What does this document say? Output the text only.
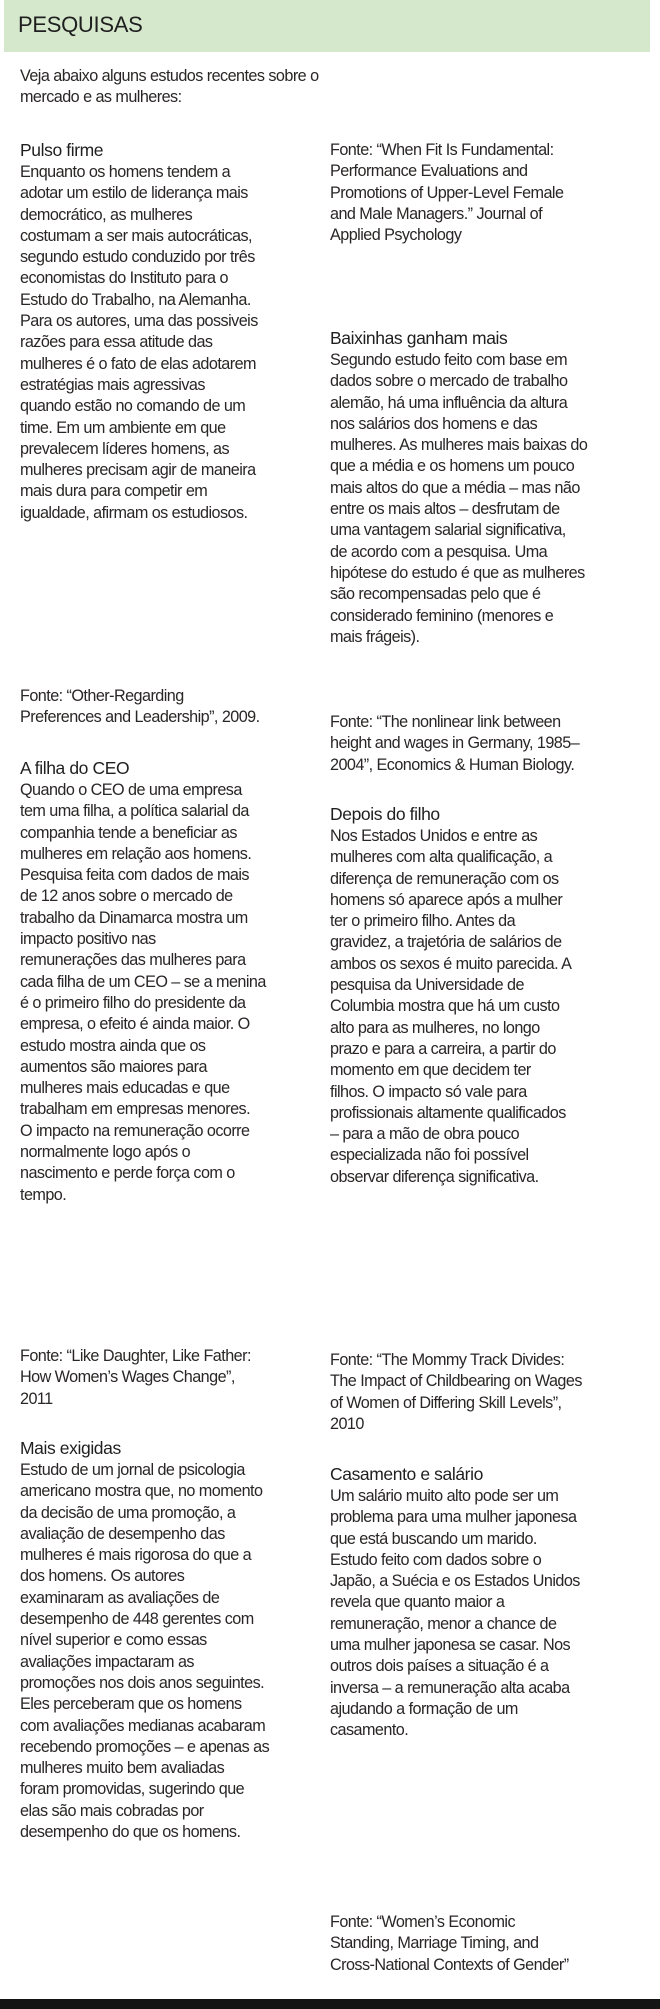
PESQUISAS
Veja abaixo alguns estudos recentes sobre o
mercado e as mulheres:
Pulso firme
Enquanto os homens tendem a
adotar um estilo de liderança mais
democrático, as mulheres
costumam a ser mais autocráticas,
segundo estudo conduzido por três
economistas do Instituto para o
Estudo do Trabalho, na Alemanha.
Para os autores, uma das possiveis
razões para essa atitude das
mulheres é o fato de elas adotarem
estratégias mais agressivas
quando estão no comando de um
time. Em um ambiente em que
prevalecem líderes homens, as
mulheres precisam agir de maneira
mais dura para competir em
igualdade, afirmam os estudiosos.
Fonte: “Other-Regarding
Preferences and Leadership”, 2009.
A filha do CEO
Quando o CEO de uma empresa
tem uma filha, a política salarial da
companhia tende a beneficiar as
mulheres em relação aos homens.
Pesquisa feita com dados de mais
de 12 anos sobre o mercado de
trabalho da Dinamarca mostra um
impacto positivo nas
remunerações das mulheres para
cada filha de um CEO – se a menina
é o primeiro filho do presidente da
empresa, o efeito é ainda maior. O
estudo mostra ainda que os
aumentos são maiores para
mulheres mais educadas e que
trabalham em empresas menores.
O impacto na remuneração ocorre
normalmente logo após o
nascimento e perde força com o
tempo.
Fonte: “Like Daughter, Like Father:
How Women’s Wages Change”,
2011
Mais exigidas
Estudo de um jornal de psicologia
americano mostra que, no momento
da decisão de uma promoção, a
avaliação de desempenho das
mulheres é mais rigorosa do que a
dos homens. Os autores
examinaram as avaliações de
desempenho de 448 gerentes com
nível superior e como essas
avaliações impactaram as
promoções nos dois anos seguintes.
Eles perceberam que os homens
com avaliações medianas acabaram
recebendo promoções – e apenas as
mulheres muito bem avaliadas
foram promovidas, sugerindo que
elas são mais cobradas por
desempenho do que os homens.
Fonte: “When Fit Is Fundamental:
Performance Evaluations and
Promotions of Upper-Level Female
and Male Managers.” Journal of
Applied Psychology
Baixinhas ganham mais
Segundo estudo feito com base em
dados sobre o mercado de trabalho
alemão, há uma influência da altura
nos salários dos homens e das
mulheres. As mulheres mais baixas do
que a média e os homens um pouco
mais altos do que a média – mas não
entre os mais altos – desfrutam de
uma vantagem salarial significativa,
de acordo com a pesquisa. Uma
hipótese do estudo é que as mulheres
são recompensadas pelo que é
considerado feminino (menores e
mais frágeis).
Fonte: “The nonlinear link between
height and wages in Germany, 1985–
2004”, Economics & Human Biology.
Depois do filho
Nos Estados Unidos e entre as
mulheres com alta qualificação, a
diferença de remuneração com os
homens só aparece após a mulher
ter o primeiro filho. Antes da
gravidez, a trajetória de salários de
ambos os sexos é muito parecida. A
pesquisa da Universidade de
Columbia mostra que há um custo
alto para as mulheres, no longo
prazo e para a carreira, a partir do
momento em que decidem ter
filhos. O impacto só vale para
profissionais altamente qualificados
– para a mão de obra pouco
especializada não foi possível
observar diferença significativa.
Fonte: “The Mommy Track Divides:
The Impact of Childbearing on Wages
of Women of Differing Skill Levels”,
2010
Casamento e salário
Um salário muito alto pode ser um
problema para uma mulher japonesa
que está buscando um marido.
Estudo feito com dados sobre o
Japão, a Suécia e os Estados Unidos
revela que quanto maior a
remuneração, menor a chance de
uma mulher japonesa se casar. Nos
outros dois países a situação é a
inversa – a remuneração alta acaba
ajudando a formação de um
casamento.
Fonte: “Women’s Economic
Standing, Marriage Timing, and
Cross-National Contexts of Gender”
